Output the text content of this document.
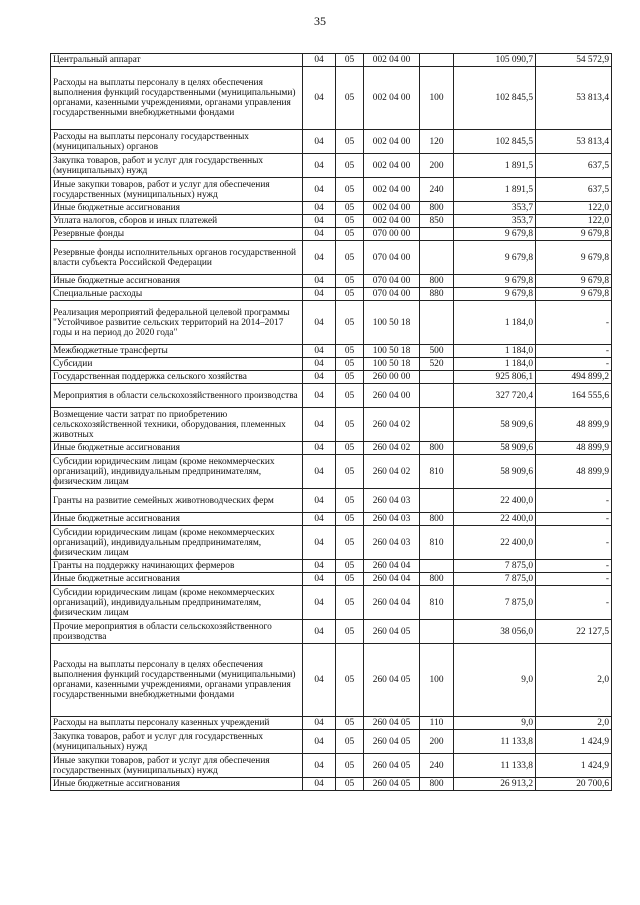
35
Центральный аппарат	04	05	002 04 00		105 090,7	54 572,9
Расходы на выплаты персоналу в целях обеспечения выполнения функций государственными (муниципальными) органами, казенными учреждениями, органами управления государственными внебюджетными фондами	04	05	002 04 00	100	102 845,5	53 813,4
Расходы на выплаты персоналу государственных (муниципальных) органов	04	05	002 04 00	120	102 845,5	53 813,4
Закупка товаров, работ и услуг для государственных (муниципальных) нужд	04	05	002 04 00	200	1 891,5	637,5
Иные закупки товаров, работ и услуг для обеспечения государственных (муниципальных) нужд	04	05	002 04 00	240	1 891,5	637,5
Иные бюджетные ассигнования	04	05	002 04 00	800	353,7	122,0
Уплата налогов, сборов и иных платежей	04	05	002 04 00	850	353,7	122,0
Резервные фонды	04	05	070 00 00		9 679,8	9 679,8
Резервные фонды исполнительных органов государственной власти субъекта Российской Федерации	04	05	070 04 00		9 679,8	9 679,8
Иные бюджетные ассигнования	04	05	070 04 00	800	9 679,8	9 679,8
Специальные расходы	04	05	070 04 00	880	9 679,8	9 679,8
Реализация мероприятий федеральной целевой программы "Устойчивое развитие сельских территорий на 2014–2017 годы и на период до 2020 года"	04	05	100 50 18		1 184,0	-
Межбюджетные трансферты	04	05	100 50 18	500	1 184,0	-
Субсидии	04	05	100 50 18	520	1 184,0	-
Государственная поддержка сельского хозяйства	04	05	260 00 00		925 806,1	494 899,2
Мероприятия в области сельскохозяйственного производства	04	05	260 04 00		327 720,4	164 555,6
Возмещение части затрат по приобретению сельскохозяйственной техники, оборудования, племенных животных	04	05	260 04 02		58 909,6	48 899,9
Иные бюджетные ассигнования	04	05	260 04 02	800	58 909,6	48 899,9
Субсидии юридическим лицам (кроме некоммерческих организаций), индивидуальным предпринимателям, физическим лицам	04	05	260 04 02	810	58 909,6	48 899,9
Гранты на развитие семейных животноводческих ферм	04	05	260 04 03		22 400,0	-
Иные бюджетные ассигнования	04	05	260 04 03	800	22 400,0	-
Субсидии юридическим лицам (кроме некоммерческих организаций), индивидуальным предпринимателям, физическим лицам	04	05	260 04 03	810	22 400,0	-
Гранты на поддержку начинающих фермеров	04	05	260 04 04		7 875,0	-
Иные бюджетные ассигнования	04	05	260 04 04	800	7 875,0	-
Субсидии юридическим лицам (кроме некоммерческих организаций), индивидуальным предпринимателям, физическим лицам	04	05	260 04 04	810	7 875,0	-
Прочие мероприятия в области сельскохозяйственного производства	04	05	260 04 05		38 056,0	22 127,5
Расходы на выплаты персоналу в целях обеспечения выполнения функций государственными (муниципальными) органами, казенными учреждениями, органами управления государственными внебюджетными фондами	04	05	260 04 05	100	9,0	2,0
Расходы на выплаты персоналу казенных учреждений	04	05	260 04 05	110	9,0	2,0
Закупка товаров, работ и услуг для государственных (муниципальных) нужд	04	05	260 04 05	200	11 133,8	1 424,9
Иные закупки товаров, работ и услуг для обеспечения государственных (муниципальных) нужд	04	05	260 04 05	240	11 133,8	1 424,9
Иные бюджетные ассигнования	04	05	260 04 05	800	26 913,2	20 700,6
